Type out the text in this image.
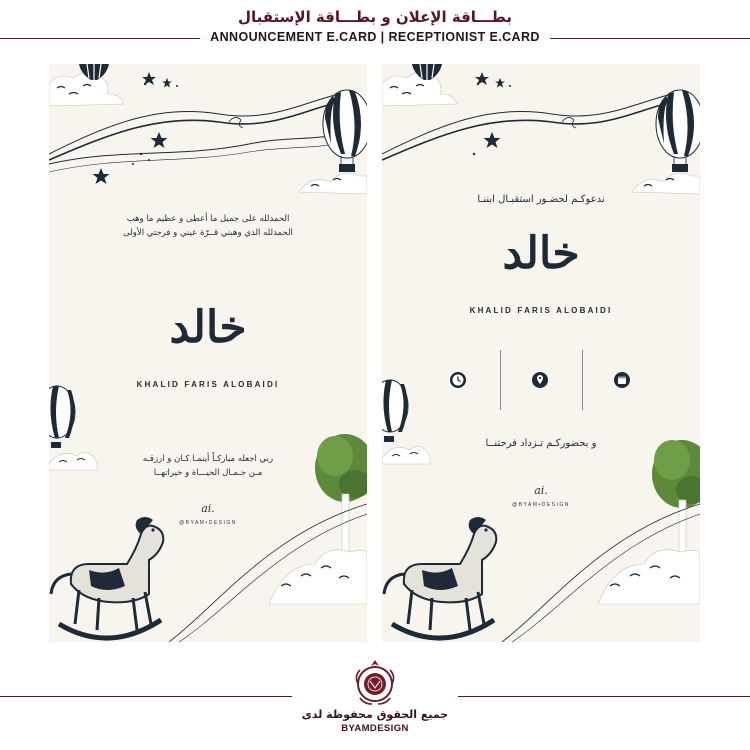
بطـــاقة الإعلان و بطـــاقة الإستقبال
ANNOUNCEMENT E.CARD | RECEPTIONIST E.CARD
الحمدلله على جميل ما أعطى و عظيم ما وهب
الحمدلله الذي وهبني قــرّة عيني و فرحتي الأولى
خالد
KHALID FARIS ALOBAIDI
ربي اجعله مباركـاً أينمـا كـان و ارزقـه
مـن جـمـال الحيـــاة و خيراتهــا
ai.
@BYAM•DESIGN
ندعوكـم لحضـور استقبـال ابننـا
خالد
KHALID FARIS ALOBAIDI
و بحضوركـم تـزداد فرحتنــا
ai.
@BYAM•DESIGN
جميع الحقوق محفوظة لدى
BYAMDESIGN
